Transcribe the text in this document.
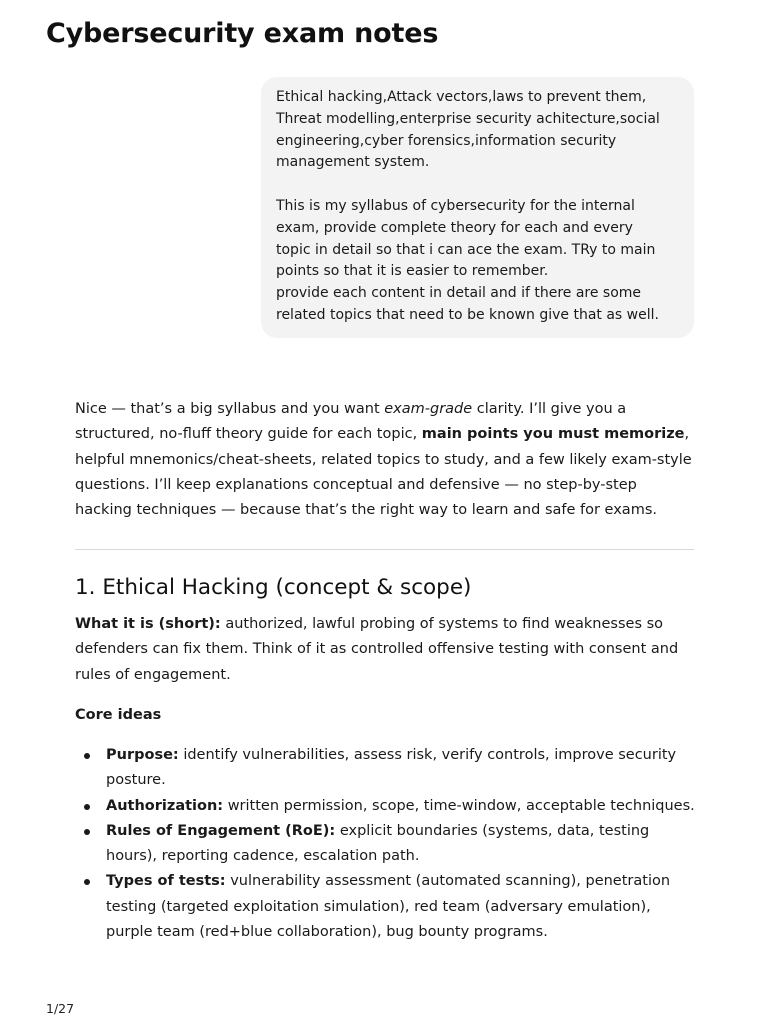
Cybersecurity exam notes

Ethical hacking,Attack vectors,laws to prevent them,
Threat modelling,enterprise security achitecture,social
engineering,cyber forensics,information security
management system.

This is my syllabus of cybersecurity for the internal
exam, provide complete theory for each and every
topic in detail so that i can ace the exam. TRy to main
points so that it is easier to remember.
provide each content in detail and if there are some
related topics that need to be known give that as well.

Nice — that’s a big syllabus and you want exam-grade clarity. I’ll give you a structured, no-fluff theory guide for each topic, main points you must memorize, helpful mnemonics/cheat-sheets, related topics to study, and a few likely exam-style questions. I’ll keep explanations conceptual and defensive — no step-by-step hacking techniques — because that’s the right way to learn and safe for exams.

1. Ethical Hacking (concept & scope)

What it is (short): authorized, lawful probing of systems to find weaknesses so defenders can fix them. Think of it as controlled offensive testing with consent and rules of engagement.

Core ideas

Purpose: identify vulnerabilities, assess risk, verify controls, improve security posture.
Authorization: written permission, scope, time-window, acceptable techniques.
Rules of Engagement (RoE): explicit boundaries (systems, data, testing hours), reporting cadence, escalation path.
Types of tests: vulnerability assessment (automated scanning), penetration testing (targeted exploitation simulation), red team (adversary emulation), purple team (red+blue collaboration), bug bounty programs.
1/27
